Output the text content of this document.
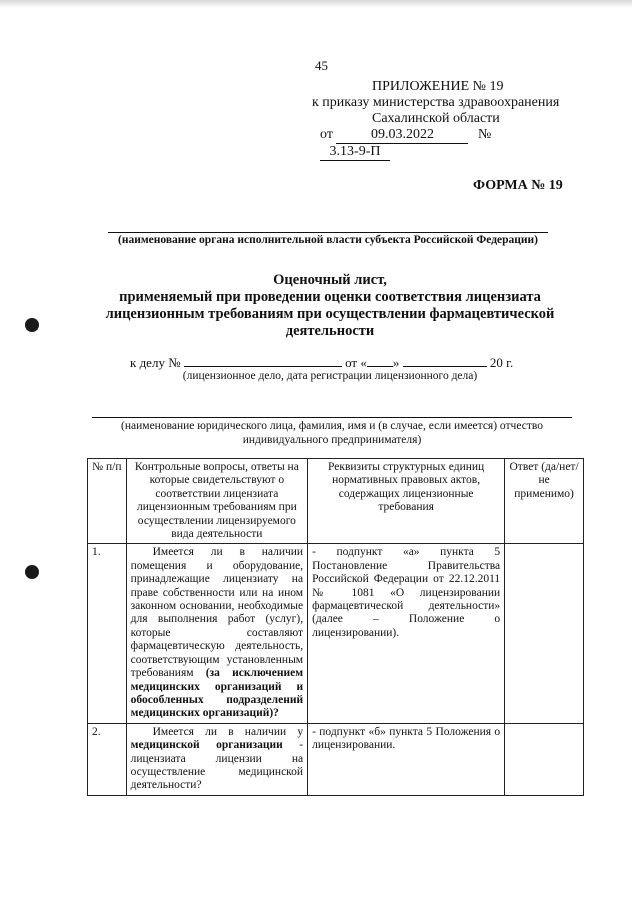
45
ПРИЛОЖЕНИЕ № 19
к приказу министерства здравоохранения
Сахалинской области
от	09.03.2022	№ 3.13-9-П
ФОРМА № 19
(наименование органа исполнительной власти субъекта Российской Федерации)
Оценочный лист,
применяемый при проведении оценки соответствия лицензиата
лицензионным требованиям при осуществлении фармацевтической
деятельности
к делу №	от « »	20 г.
(лицензионное дело, дата регистрации лицензионного дела)
(наименование юридического лица, фамилия, имя и (в случае, если имеется) отчество
индивидуального предпринимателя)
№ п/п	Контрольные вопросы, ответы на которые свидетельствуют о соответствии лицензиата лицензионным требованиям при осуществлении лицензируемого вида деятельности	Реквизиты структурных единиц нормативных правовых актов, содержащих лицензионные требования	Ответ (да/нет/не применимо)
1.	Имеется ли в наличии помещения и оборудование, принадлежащие лицензиату на праве собственности или на ином законном основании, необходимые для выполнения работ (услуг), которые составляют фармацевтическую деятельность, соответствующим установленным требованиям (за исключением медицинских организаций и обособленных подразделений медицинских организаций)?	- подпункт «а» пункта 5 Постановление Правительства Российской Федерации от 22.12.2011 № 1081 «О лицензировании фармацевтической деятельности» (далее – Положение о лицензировании).	
2.	Имеется ли в наличии у медицинской организации - лицензиата лицензии на осуществление медицинской деятельности?	- подпункт «б» пункта 5 Положения о лицензировании.	
